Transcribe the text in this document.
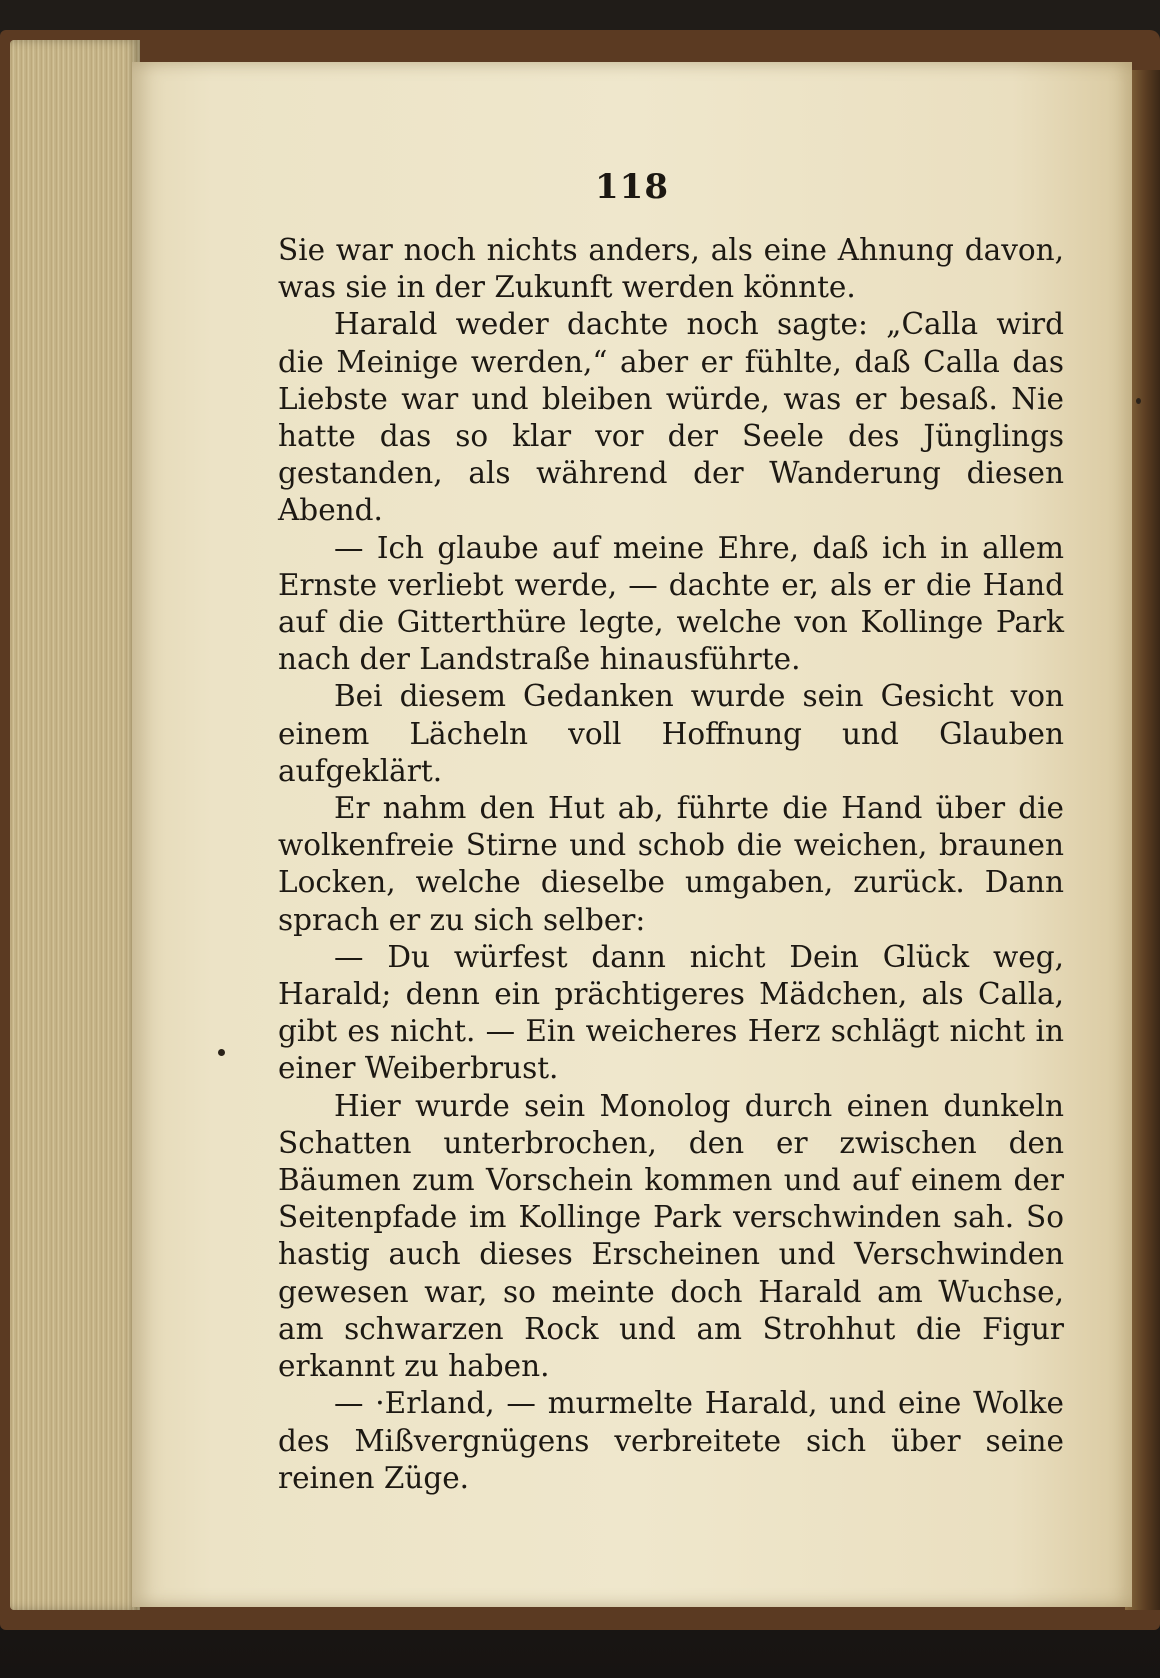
118

Sie war noch nichts anders, als eine Ahnung davon, was sie in der Zukunft werden könnte.

Harald weder dachte noch sagte: „Calla wird die Meinige werden,“ aber er fühlte, daß Calla das Liebste war und bleiben würde, was er besaß. Nie hatte das so klar vor der Seele des Jünglings gestanden, als während der Wanderung diesen Abend.

— Ich glaube auf meine Ehre, daß ich in allem Ernste verliebt werde, — dachte er, als er die Hand auf die Gitterthüre legte, welche von Kollinge Park nach der Landstraße hinausführte.

Bei diesem Gedanken wurde sein Gesicht von einem Lächeln voll Hoffnung und Glauben aufgeklärt.

Er nahm den Hut ab, führte die Hand über die wolkenfreie Stirne und schob die weichen, braunen Locken, welche dieselbe umgaben, zurück. Dann sprach er zu sich selber:

— Du würfest dann nicht Dein Glück weg, Harald; denn ein prächtigeres Mädchen, als Calla, gibt es nicht. — Ein weicheres Herz schlägt nicht in einer Weiberbrust.

Hier wurde sein Monolog durch einen dunkeln Schatten unterbrochen, den er zwischen den Bäumen zum Vorschein kommen und auf einem der Seitenpfade im Kollinge Park verschwinden sah. So hastig auch dieses Erscheinen und Verschwinden gewesen war, so meinte doch Harald am Wuchse, am schwarzen Rock und am Strohhut die Figur erkannt zu haben.

— ·Erland, — murmelte Harald, und eine Wolke des Mißvergnügens verbreitete sich über seine reinen Züge.
